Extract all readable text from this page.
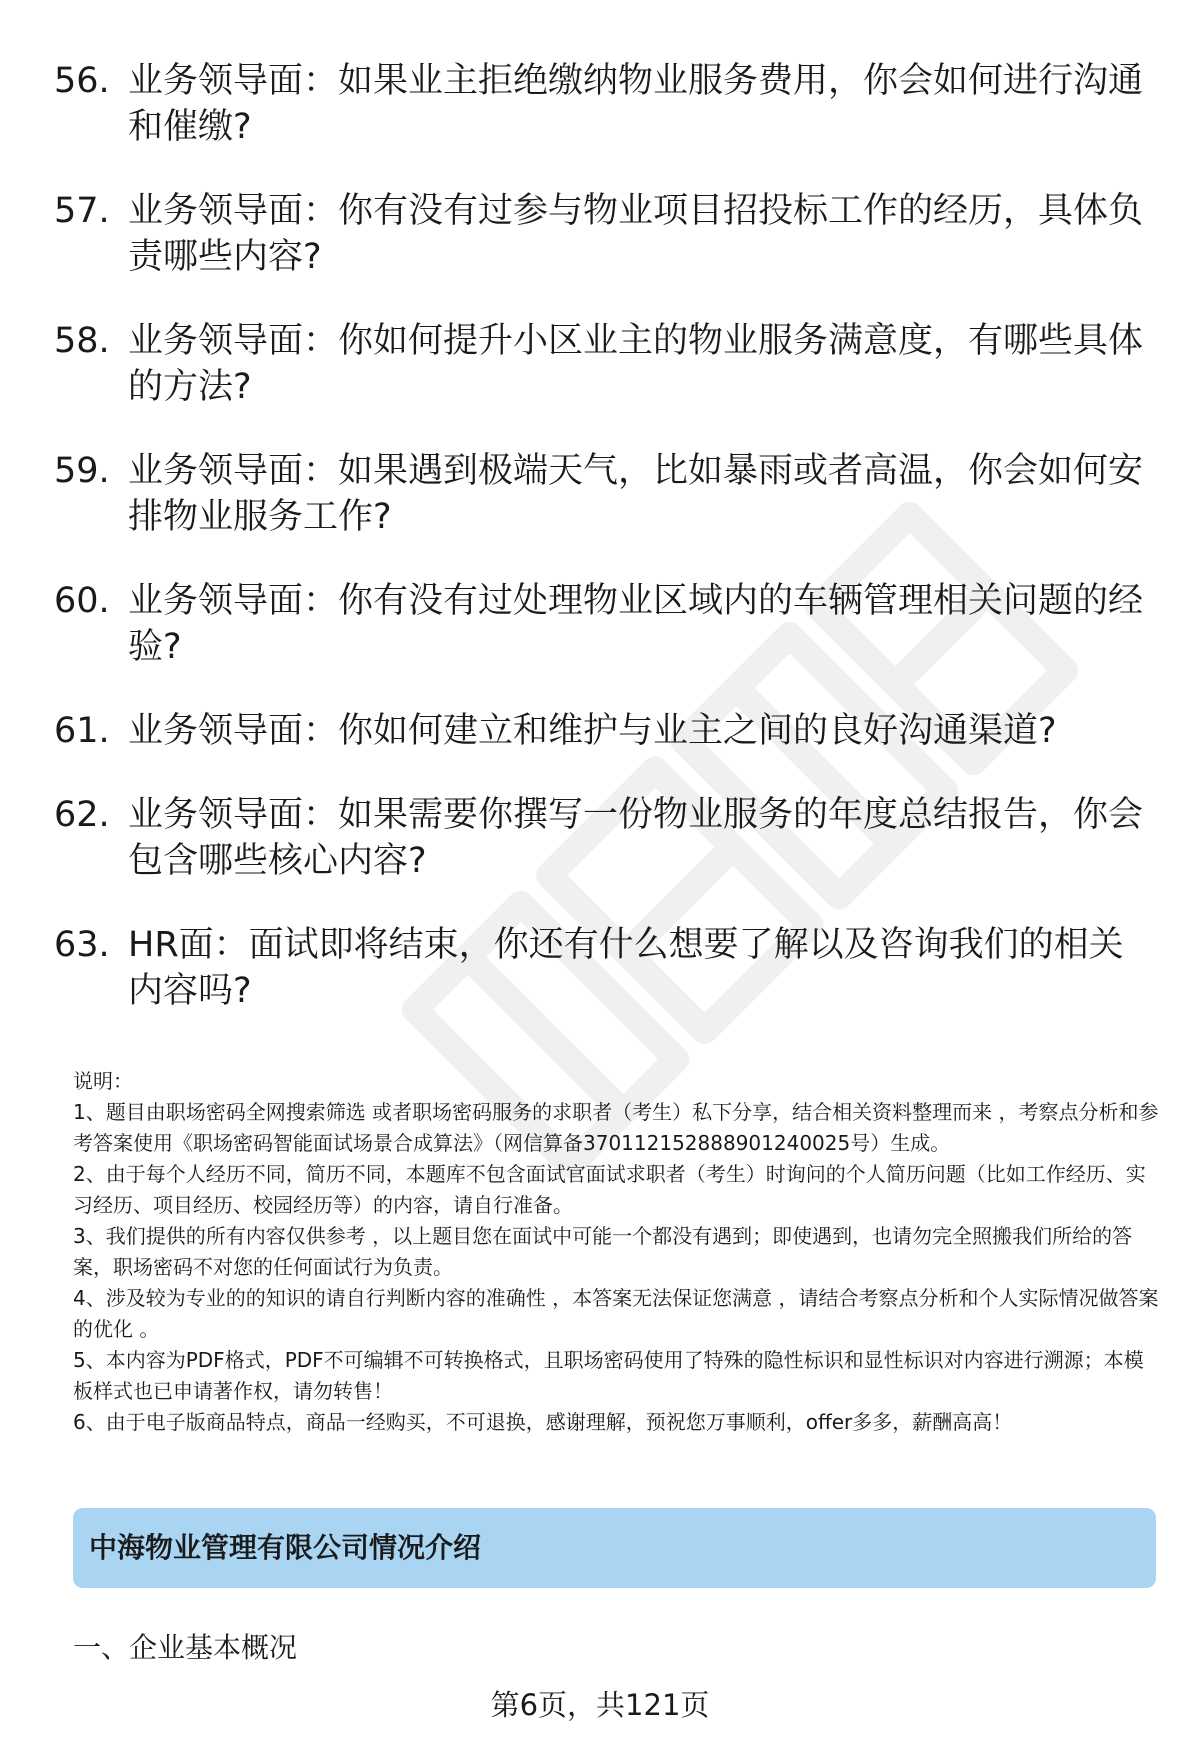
56. 业务领导面：如果业主拒绝缴纳物业服务费用，你会如何进行沟通和催缴?
57. 业务领导面：你有没有过参与物业项目招投标工作的经历，具体负责哪些内容?
58. 业务领导面：你如何提升小区业主的物业服务满意度，有哪些具体的方法?
59. 业务领导面：如果遇到极端天气，比如暴雨或者高温，你会如何安排物业服务工作?
60. 业务领导面：你有没有过处理物业区域内的车辆管理相关问题的经验?
61. 业务领导面：你如何建立和维护与业主之间的良好沟通渠道?
62. 业务领导面：如果需要你撰写一份物业服务的年度总结报告，你会包含哪些核心内容?
63. HR面：面试即将结束，你还有什么想要了解以及咨询我们的相关内容吗?

说明：

1、题目由职场密码全网搜索筛选 或者职场密码服务的求职者（考生）私下分享，结合相关资料整理而来 ，考察点分析和参考答案使用《职场密码智能面试场景合成算法》（网信算备370112152888901240025号）生成。

2、由于每个人经历不同，简历不同，本题库不包含面试官面试求职者（考生）时询问的个人简历问题（比如工作经历、实习经历、项目经历、校园经历等）的内容，请自行准备。

3、我们提供的所有内容仅供参考 ，以上题目您在面试中可能一个都没有遇到；即使遇到，也请勿完全照搬我们所给的答案，职场密码不对您的任何面试行为负责。

4、涉及较为专业的的知识的请自行判断内容的准确性 ，本答案无法保证您满意 ，请结合考察点分析和个人实际情况做答案的优化 。

5、本内容为PDF格式，PDF不可编辑不可转换格式，且职场密码使用了特殊的隐性标识和显性标识对内容进行溯源；本模板样式也已申请著作权，请勿转售！

6、由于电子版商品特点，商品一经购买，不可退换，感谢理解，预祝您万事顺利，offer多多，薪酬高高！

中海物业管理有限公司情况介绍
一、企业基本概况
第6页，共121页
